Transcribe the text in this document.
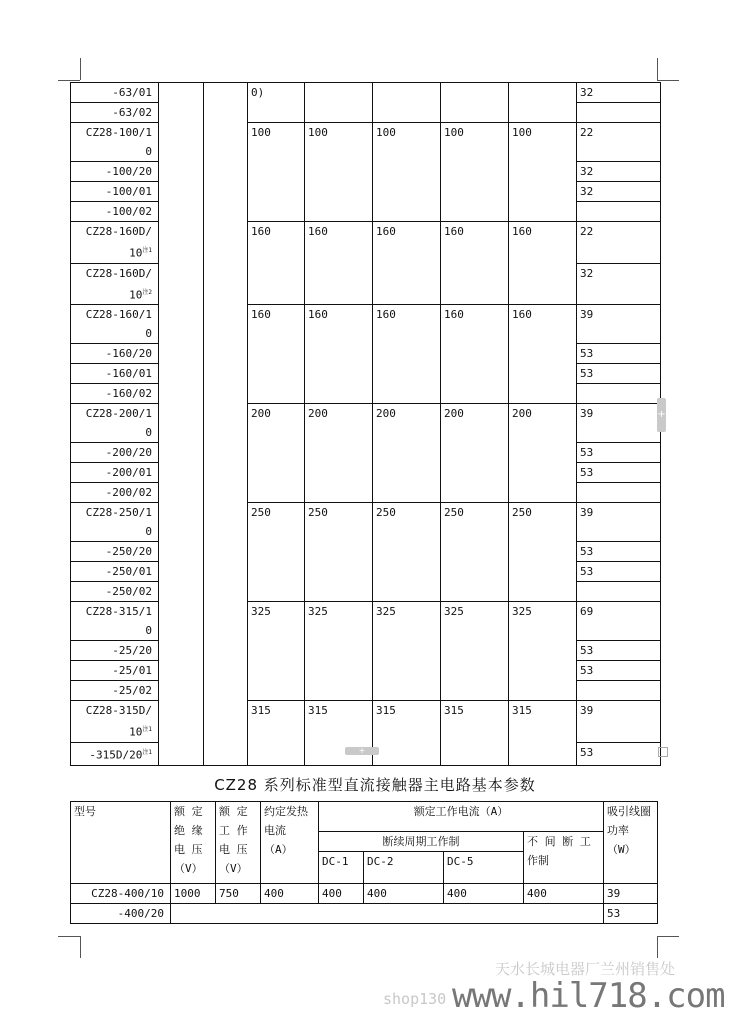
-63/01			0)					32
-63/02								
CZ28-100/1
0			100	100	100	100	100	22
-100/20								32
-100/01								32
-100/02								
CZ28-160D/
10$^{注1}$			160	160	160	160	160	22
CZ28-160D/
10$^{注2}$								32
CZ28-160/1
0			160	160	160	160	160	39
-160/20								53
-160/01								53
-160/02								
CZ28-200/1
0			200	200	200	200	200	39
-200/20								53
-200/01								53
-200/02								
CZ28-250/1
0			250	250	250	250	250	39
-250/20								53
-250/01								53
-250/02								
CZ28-315/1
0			325	325	325	325	325	69
-25/20								53
-25/01								53
-25/02								
CZ28-315D/
10$^{注1}$			315	315	315	315	315	39
-315D/20$^{注1}$								53
+
+
CZ28 系列标准型直流接触器主电路基本参数
型号	额 定 绝 缘 电 压 （V）	额 定 工 作 电 压 （V）	约定发热电流 （A）	额定工作电流（A）				吸引线圈功率 （W）
				断续周期工作制			不 间 断 工 作制	
				DC-1	DC-2	DC-5		
CZ28-400/10	1000	750	400	400	400	400	400	39
-400/20								53
天水长城电器厂兰州销售处
shop130 www.hil718.com
